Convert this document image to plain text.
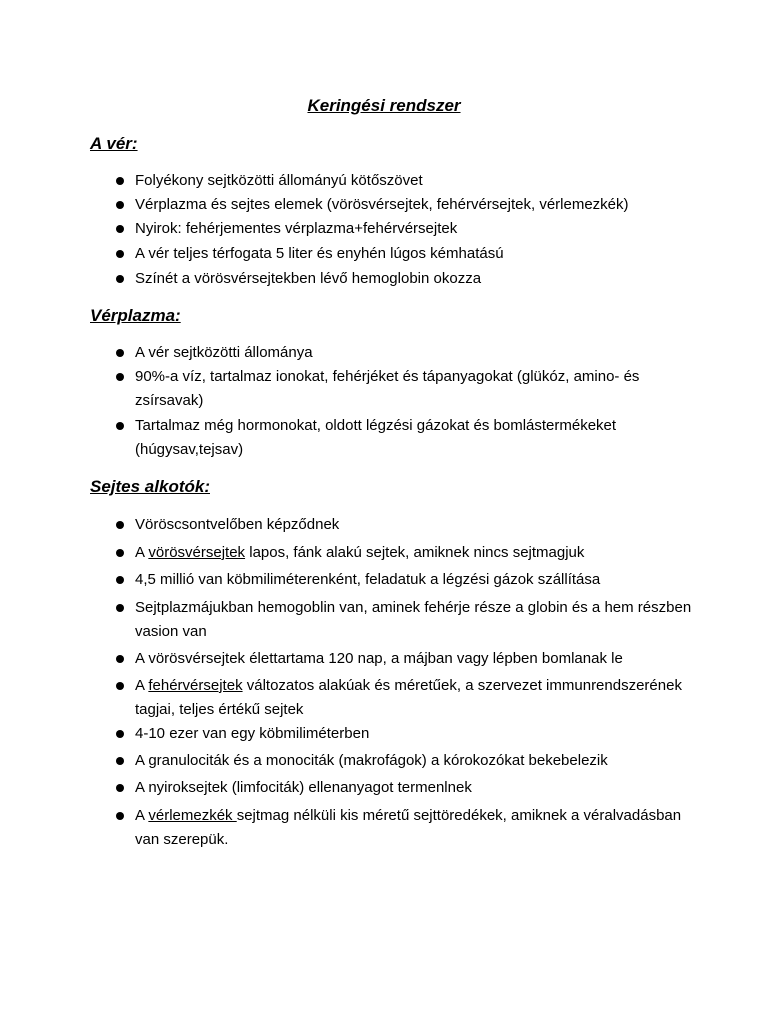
Keringési rendszer
A vér:
Folyékony sejtközötti állományú kötőszövet
Vérplazma és sejtes elemek (vörösvérsejtek, fehérvérsejtek, vérlemezkék)
Nyirok: fehérjementes vérplazma+fehérvérsejtek
A vér teljes térfogata 5 liter és enyhén lúgos kémhatású
Színét a vörösvérsejtekben lévő hemoglobin okozza
Vérplazma:
A vér sejtközötti állománya
90%-a víz, tartalmaz ionokat, fehérjéket és tápanyagokat (glükóz, amino- és zsírsavak)
Tartalmaz még hormonokat, oldott légzési gázokat és bomlástermékeket (húgysav,tejsav)
Sejtes alkotók:
Vöröscsontvelőben képződnek
A vörösvérsejtek lapos, fánk alakú sejtek, amiknek nincs sejtmagjuk
4,5 millió van köbmiliméterenként, feladatuk a légzési gázok szállítása
Sejtplazmájukban hemogoblin van, aminek fehérje része a globin és a hem részben vasion van
A vörösvérsejtek élettartama 120 nap, a májban vagy lépben bomlanak le
A fehérvérsejtek változatos alakúak és méretűek, a szervezet immunrendszerének tagjai, teljes értékű sejtek
4-10 ezer van egy köbmiliméterben
A granulociták és a monociták (makrofágok) a kórokozókat bekebelezik
A nyiroksejtek (limfociták) ellenanyagot termenlnek
A vérlemezkék sejtmag nélküli kis méretű sejttöredékek, amiknek a véralvadásban van szerepük.
